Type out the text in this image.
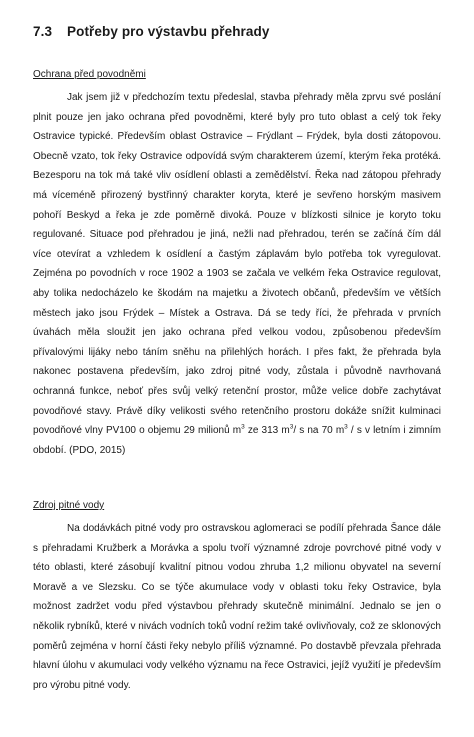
7.3 Potřeby pro výstavbu přehrady
Ochrana před povodněmi
Jak jsem již v předchozím textu předeslal, stavba přehrady měla zprvu své poslání plnit pouze jen jako ochrana před povodněmi, které byly pro tuto oblast a celý tok řeky Ostravice typické. Především oblast Ostravice – Frýdlant – Frýdek, byla dosti zátopovou. Obecně vzato, tok řeky Ostravice odpovídá svým charakterem území, kterým řeka protéká. Bezesporu na tok má také vliv osídlení oblasti a zemědělství. Řeka nad zátopou přehrady má víceméně přirozený bystřinný charakter koryta, které je sevřeno horským masivem pohoří Beskyd a řeka je zde poměrně divoká. Pouze v blízkosti silnice je koryto toku regulované. Situace pod přehradou je jiná, nežli nad přehradou, terén se začíná čím dál více otevírat a vzhledem k osídlení a častým záplavám bylo potřeba tok vyregulovat. Zejména po povodních v roce 1902 a 1903 se začala ve velkém řeka Ostravice regulovat, aby tolika nedocházelo ke škodám na majetku a životech občanů, především ve větších městech jako jsou Frýdek – Místek a Ostrava. Dá se tedy říci, že přehrada v prvních úvahách měla sloužit jen jako ochrana před velkou vodou, způsobenou především přívalovými lijáky nebo táním sněhu na přilehlých horách. I přes fakt, že přehrada byla nakonec postavena především, jako zdroj pitné vody, zůstala i původně navrhovaná ochranná funkce, neboť přes svůj velký retenční prostor, může velice dobře zachytávat povodňové stavy. Právě díky velikosti svého retenčního prostoru dokáže snížit kulminaci povodňové vlny PV100 o objemu 29 milionů $m^3$ ze 313 $m^3/$ s na 70 $m^3$ / s v letním i zimním období. (PDO, 2015)
Zdroj pitné vody
Na dodávkách pitné vody pro ostravskou aglomeraci se podílí přehrada Šance dále s přehradami Kružberk a Morávka a spolu tvoří významné zdroje povrchové pitné vody v této oblasti, které zásobují kvalitní pitnou vodou zhruba 1,2 milionu obyvatel na severní Moravě a ve Slezsku. Co se týče akumulace vody v oblasti toku řeky Ostravice, byla možnost zadržet vodu před výstavbou přehrady skutečně minimální. Jednalo se jen o několik rybníků, které v nivách vodních toků vodní režim také ovlivňovaly, což ze sklonových poměrů zejména v horní části řeky nebylo příliš významné. Po dostavbě převzala přehrada hlavní úlohu v akumulaci vody velkého významu na řece Ostravici, jejíž využití je především pro výrobu pitné vody.
